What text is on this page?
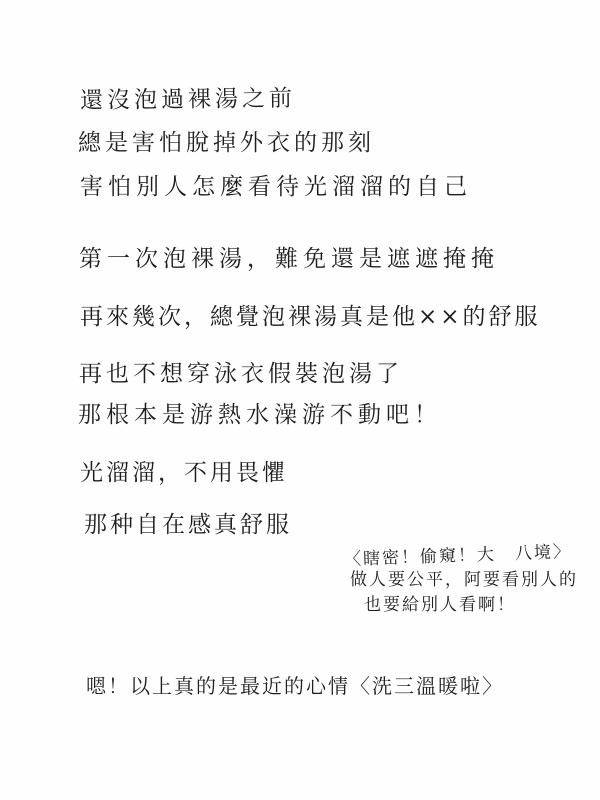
還沒泡過裸湯之前
總是害怕脫掉外衣的那刻
害怕別人怎麼看待光溜溜的自己
第一次泡裸湯，難免還是遮遮掩掩
再來幾次，總覺泡裸湯真是他××的舒服
再也不想穿泳衣假裝泡湯了
那根本是游熱水澡游不動吧！
光溜溜，不用畏懼
那种自在感真舒服
〈瞎密！偷窺！大　八境〉
做人要公平，阿要看別人的
也要給別人看啊！
嗯！以上真的是最近的心情〈洗三溫暖啦〉
